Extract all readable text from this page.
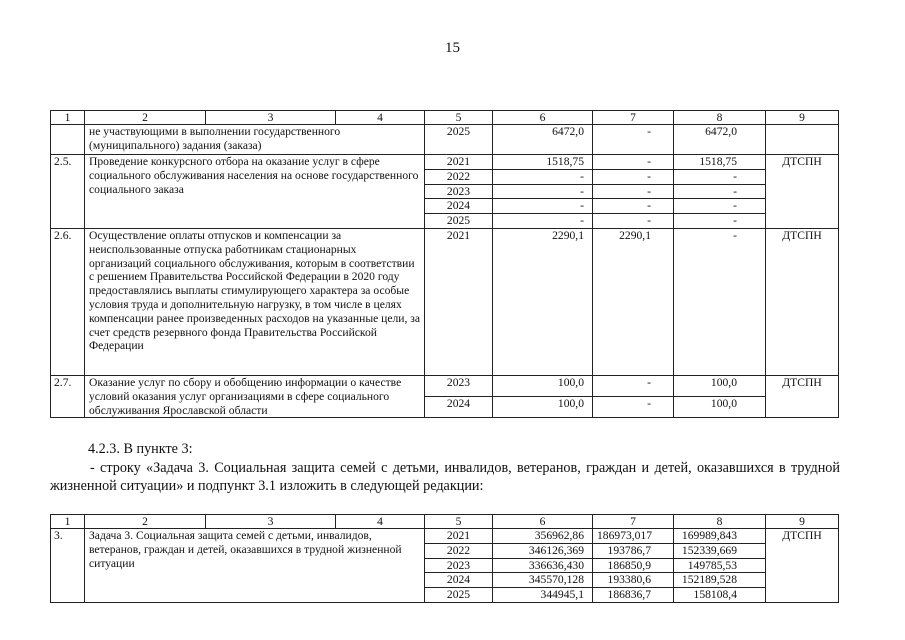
15
1	2	3	4	5	6	7	8	9
	не участвующими в выполнении государственного (муниципального) задания (заказа)			2025	6472,0	-	6472,0	
2.5.	Проведение конкурсного отбора на оказание услуг в сфере социального обслуживания населения на основе государственного социального заказа			2021	1518,75	-	1518,75	ДТСПН
				2022	-	-	-	
				2023	-	-	-	
				2024	-	-	-	
				2025	-	-	-	
2.6.	Осуществление оплаты отпусков и компенсации за неиспользованные отпуска работникам стационарных организаций социального обслуживания, которым в соответствии с решением Правительства Российской Федерации в 2020 году предоставлялись выплаты стимулирующего характера за особые условия труда и дополнительную нагрузку, в том числе в целях компенсации ранее произведенных расходов на указанные цели, за счет средств резервного фонда Правительства Российской Федерации			2021	2290,1	2290,1	-	ДТСПН
2.7.	Оказание услуг по сбору и обобщению информации о качестве условий оказания услуг организациями в сфере социального обслуживания Ярославской области			2023	100,0	-	100,0	ДТСПН
				2024	100,0	-	100,0	
4.2.3. В пункте 3:
- строку «Задача 3. Социальная защита семей с детьми, инвалидов, ветеранов, граждан и детей, оказавшихся в трудной жизненной ситуации» и подпункт 3.1 изложить в следующей редакции:
1	2	3	4	5	6	7	8	9
3.	Задача 3. Социальная защита семей с детьми, инвалидов, ветеранов, граждан и детей, оказавшихся в трудной жизненной ситуации			2021	356962,86	186973,017	169989,843	ДТСПН
				2022	346126,369	193786,7	152339,669	
				2023	336636,430	186850,9	149785,53	
				2024	345570,128	193380,6	152189,528	
				2025	344945,1	186836,7	158108,4	
